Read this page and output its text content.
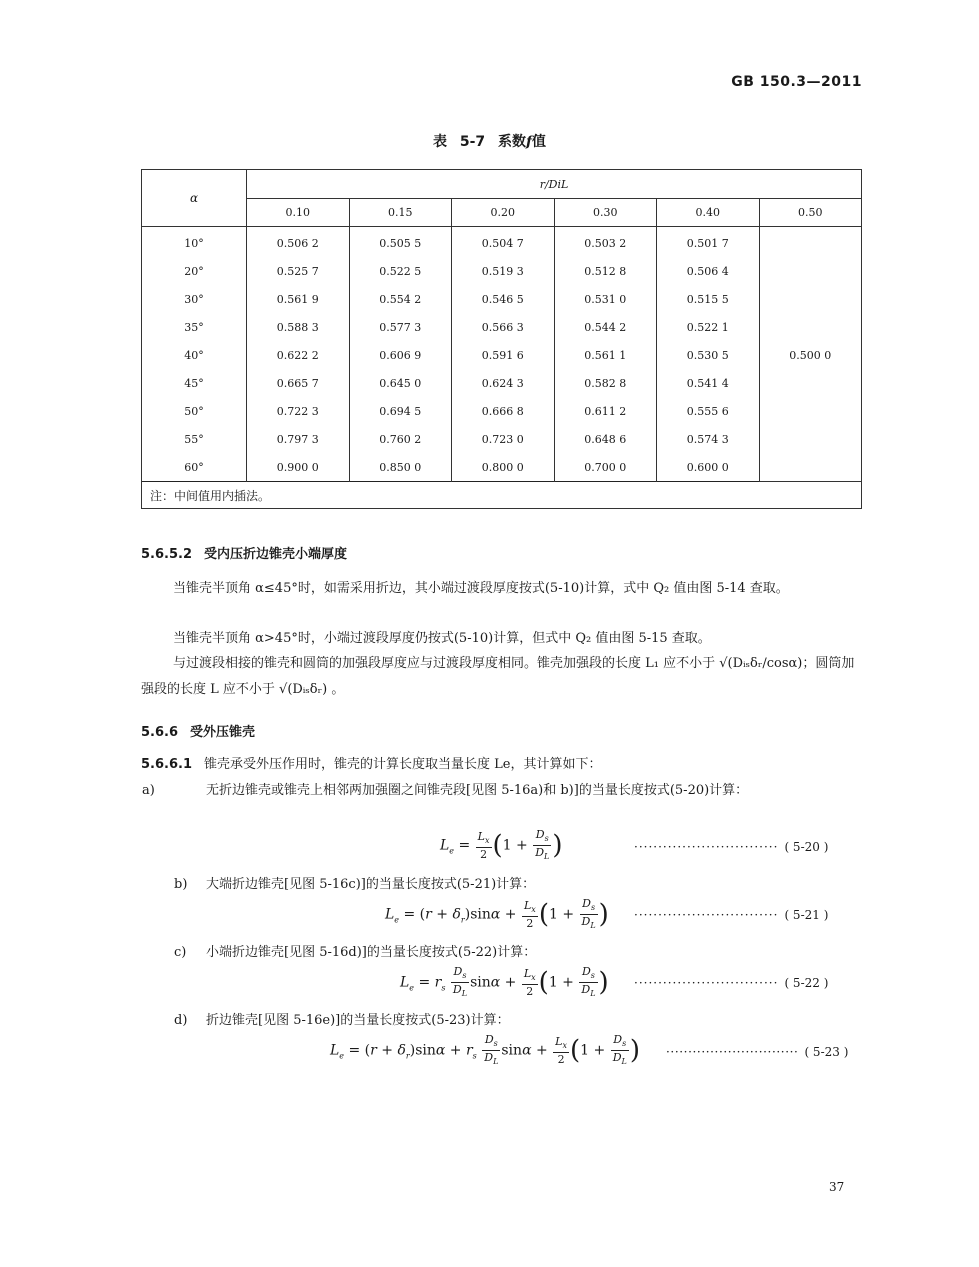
GB 150.3—2011
表 5-7 系数f值
α	r/DiL					
	0.10	0.15	0.20	0.30	0.40	0.50
10°	0.506 2	0.505 5	0.504 7	0.503 2	0.501 7	0.500 0
20°	0.525 7	0.522 5	0.519 3	0.512 8	0.506 4	
30°	0.561 9	0.554 2	0.546 5	0.531 0	0.515 5	
35°	0.588 3	0.577 3	0.566 3	0.544 2	0.522 1	
40°	0.622 2	0.606 9	0.591 6	0.561 1	0.530 5	
45°	0.665 7	0.645 0	0.624 3	0.582 8	0.541 4	
50°	0.722 3	0.694 5	0.666 8	0.611 2	0.555 6	
55°	0.797 3	0.760 2	0.723 0	0.648 6	0.574 3	
60°	0.900 0	0.850 0	0.800 0	0.700 0	0.600 0	
注：中间值用内插法。						
5.6.5.2 受内压折边锥壳小端厚度
当锥壳半顶角 α≤45°时，如需采用折边，其小端过渡段厚度按式(5-10)计算，式中 Q₂ 值由图 5-14 查取。
当锥壳半顶角 α>45°时，小端过渡段厚度仍按式(5-10)计算，但式中 Q₂ 值由图 5-15 查取。
与过渡段相接的锥壳和圆筒的加强段厚度应与过渡段厚度相同。锥壳加强段的长度 L₁ 应不小于 √(Dᵢₛδᵣ/cosα)；圆筒加强段的长度 L 应不小于 √(Dᵢₛδᵣ) 。
5.6.6 受外压锥壳
5.6.6.1 锥壳承受外压作用时，锥壳的计算长度取当量长度 Le，其计算如下：
a)	无折边锥壳或锥壳上相邻两加强圈之间锥壳段[见图 5-16a)和 b)]的当量长度按式(5-20)计算：
$L_e = \frac{L_x}{2} (1 + \frac{D_s}{D_L}$ )	······························ ( 5-20 )
b) 大端折边锥壳[见图 5-16c)]的当量长度按式(5-21)计算：
$L_e = (r + \delta_r)\sin\alpha + \frac{L_x}{2} (1 + \frac{D_s}{D_L}$ ) ······························ ( 5-21 )
c) 小端折边锥壳[见图 5-16d)]的当量长度按式(5-22)计算：
$L_e = r_s \frac{D_s}{D_L}$ $\sin\alpha + \frac{L_x}{2} (1 + \frac{D_s}{D_L}$ ) ······························ ( 5-22 )
d) 折边锥壳[见图 5-16e)]的当量长度按式(5-23)计算：
$L_e = (r + \delta_r)\sin\alpha + r_s \frac{D_s}{D_L}$ $\sin\alpha + \frac{L_x}{2} (1 + \frac{D_s}{D_L}$ ) ······························ ( 5-23 )
37
